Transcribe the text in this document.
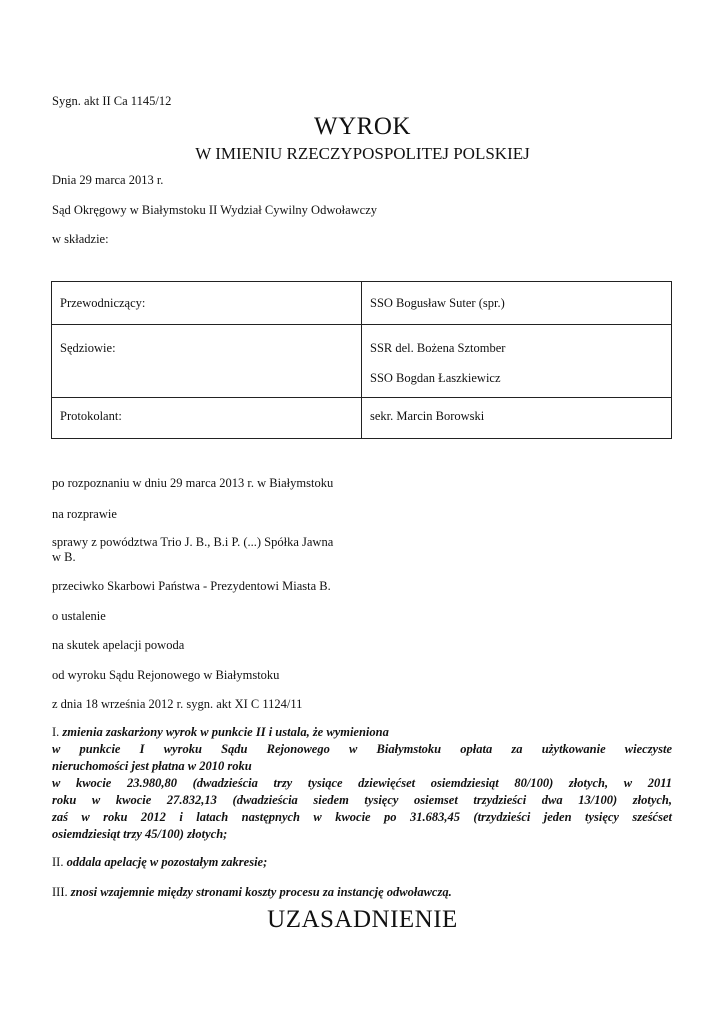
Sygn. akt II Ca 1145/12
WYROK
W IMIENIU RZECZYPOSPOLITEJ POLSKIEJ
Dnia 29 marca 2013 r.
Sąd Okręgowy w Białymstoku II Wydział Cywilny Odwoławczy
w składzie:
Przewodniczący:	SSO Bogusław Suter (spr.)

Sędziowie:	SSR del. Bożena Sztomber
SSO Bogdan Łaszkiewicz

Protokolant:	sekr. Marcin Borowski
po rozpoznaniu w dniu 29 marca 2013 r. w Białymstoku
na rozprawie
sprawy z powództwa Trio J. B., B.i P. (...) Spółka Jawna
w B.
przeciwko Skarbowi Państwa - Prezydentowi Miasta B.
o ustalenie
na skutek apelacji powoda
od wyroku Sądu Rejonowego w Białymstoku
z dnia 18 września 2012 r. sygn. akt XI C 1124/11
I. zmienia zaskarżony wyrok w punkcie II i ustala, że wymieniona
w punkcie I wyroku Sądu Rejonowego w Białymstoku opłata za użytkowanie wieczyste
nieruchomości jest płatna w 2010 roku
w kwocie 23.980,80 (dwadzieścia trzy tysiące dziewięćset osiemdziesiąt 80/100) złotych, w 2011
roku w kwocie 27.832,13 (dwadzieścia siedem tysięcy osiemset trzydzieści dwa 13/100) złotych,
zaś w roku 2012 i latach następnych w kwocie po 31.683,45 (trzydzieści jeden tysięcy sześćset
osiemdziesiąt trzy 45/100) złotych;
II. oddala apelację w pozostałym zakresie;
III. znosi wzajemnie między stronami koszty procesu za instancję odwoławczą.
UZASADNIENIE
